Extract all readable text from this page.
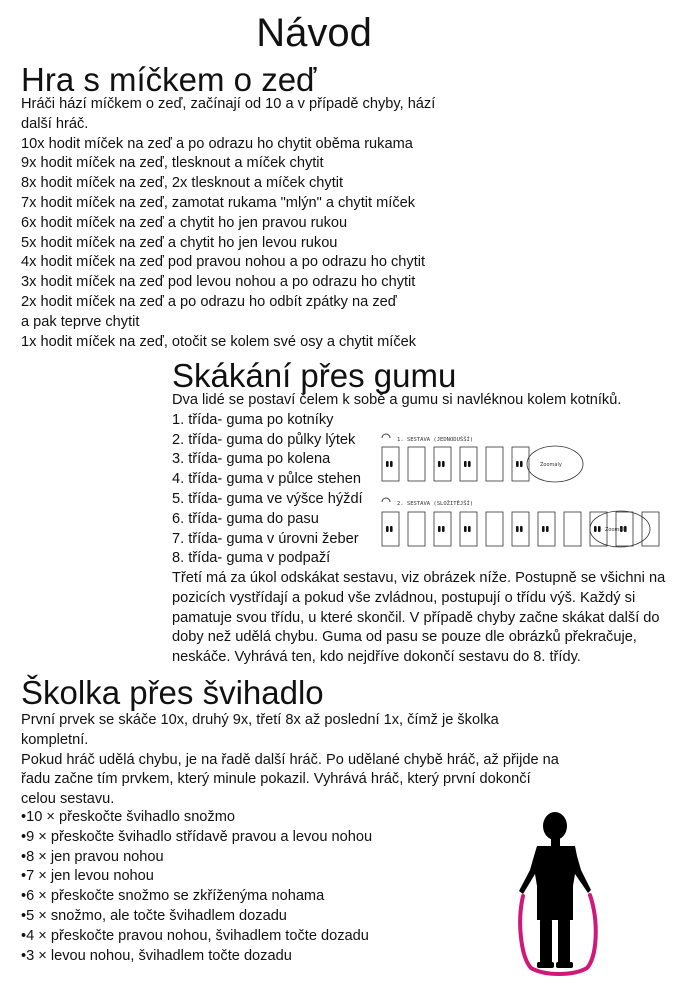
Návod
Hra s míčkem o zeď
Hráči hází míčkem o zeď, začínají od 10 a v případě chyby, hází
další hráč.
10x hodit míček na zeď a po odrazu ho chytit oběma rukama
9x hodit míček na zeď, tlesknout a míček chytit
8x hodit míček na zeď, 2x tlesknout a míček chytit
7x hodit míček na zeď, zamotat rukama "mlýn" a chytit míček
6x hodit míček na zeď a chytit ho jen pravou rukou
5x hodit míček na zeď a chytit ho jen levou rukou
4x hodit míček na zeď pod pravou nohou a po odrazu ho chytit
3x hodit míček na zeď pod levou nohou a po odrazu ho chytit
2x hodit míček na zeď a po odrazu ho odbít zpátky na zeď
a pak teprve chytit
1x hodit míček na zeď, otočit se kolem své osy a chytit míček
Skákání přes gumu
Dva lidé se postaví čelem k sobě a gumu si navléknou kolem kotníků.
1. třída- guma po kotníky
2. třída- guma do půlky lýtek
3. třída- guma po kolena
4. třída- guma v půlce stehen
5. třída- guma ve výšce hýždí
6. třída- guma do pasu
7. třída- guma v úrovni žeber
8. třída- guma v podpaží
1. SESTAVA (JEDNODUŠŠÍ)
2. SESTAVA (SLOŽITĚJŠÍ)
Zoomaly
Zoomaly
Třetí má za úkol odskákat sestavu, viz obrázek níže. Postupně se všichni na
pozicích vystřídají a pokud vše zvládnou, postupují o třídu výš. Každý si
pamatuje svou třídu, u které skončil. V případě chyby začne skákat další do
doby než udělá chybu. Guma od pasu se pouze dle obrázků překračuje,
neskáče. Vyhrává ten, kdo nejdříve dokončí sestavu do 8. třídy.
Školka přes švihadlo
První prvek se skáče 10x, druhý 9x, třetí 8x až poslední 1x, čímž je školka
kompletní.
Pokud hráč udělá chybu, je na řadě další hráč. Po udělané chybě hráč, až přijde na
řadu začne tím prvkem, který minule pokazil. Vyhrává hráč, který první dokončí
celou sestavu.
•10 × přeskočte švihadlo snožmo
•9 × přeskočte švihadlo střídavě pravou a levou nohou
•8 × jen pravou nohou
•7 × jen levou nohou
•6 × přeskočte snožmo se zkříženýma nohama
•5 × snožmo, ale točte švihadlem dozadu
•4 × přeskočte pravou nohou, švihadlem točte dozadu
•3 × levou nohou, švihadlem točte dozadu
